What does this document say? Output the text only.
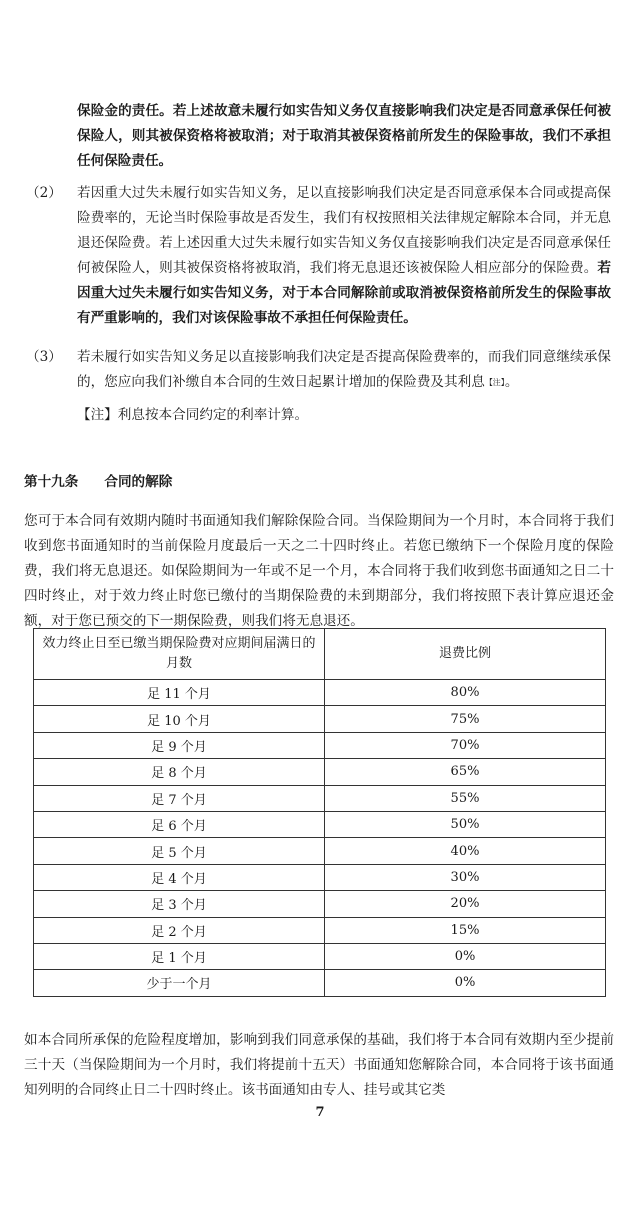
保险金的责任。若上述故意未履行如实告知义务仅直接影响我们决定是否同意承保任何被保险人，则其被保资格将被取消；对于取消其被保资格前所发生的保险事故，我们不承担任何保险责任。
（2） 若因重大过失未履行如实告知义务，足以直接影响我们决定是否同意承保本合同或提高保险费率的，无论当时保险事故是否发生，我们有权按照相关法律规定解除本合同，并无息退还保险费。若上述因重大过失未履行如实告知义务仅直接影响我们决定是否同意承保任何被保险人，则其被保资格将被取消，我们将无息退还该被保险人相应部分的保险费。若因重大过失未履行如实告知义务，对于本合同解除前或取消被保资格前所发生的保险事故有严重影响的，我们对该保险事故不承担任何保险责任。
（3） 若未履行如实告知义务足以直接影响我们决定是否提高保险费率的，而我们同意继续承保的，您应向我们补缴自本合同的生效日起累计增加的保险费及其利息【注】。
【注】利息按本合同约定的利率计算。
第十九条 合同的解除
您可于本合同有效期内随时书面通知我们解除保险合同。当保险期间为一个月时，本合同将于我们收到您书面通知时的当前保险月度最后一天之二十四时终止。若您已缴纳下一个保险月度的保险费，我们将无息退还。如保险期间为一年或不足一个月，本合同将于我们收到您书面通知之日二十四时终止，对于效力终止时您已缴付的当期保险费的未到期部分，我们将按照下表计算应退还金额，对于您已预交的下一期保险费，则我们将无息退还。
效力终止日至已缴当期保险费对应期间届满日的月数	退费比例
足 11 个月	80%
足 10 个月	75%
足 9 个月	70%
足 8 个月	65%
足 7 个月	55%
足 6 个月	50%
足 5 个月	40%
足 4 个月	30%
足 3 个月	20%
足 2 个月	15%
足 1 个月	0%
少于一个月	0%
如本合同所承保的危险程度增加，影响到我们同意承保的基础，我们将于本合同有效期内至少提前三十天（当保险期间为一个月时，我们将提前十五天）书面通知您解除合同，本合同将于该书面通知列明的合同终止日二十四时终止。该书面通知由专人、挂号或其它类
7
